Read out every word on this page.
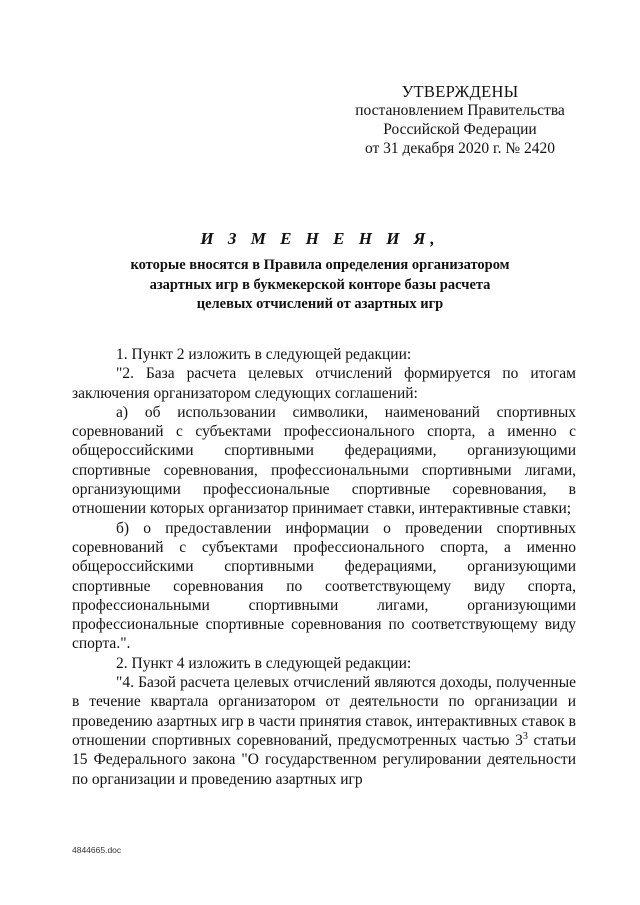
УТВЕРЖДЕНЫ
постановлением Правительства
Российской Федерации
от 31 декабря 2020 г. № 2420
И З М Е Н Е Н И Я,
которые вносятся в Правила определения организатором
азартных игр в букмекерской конторе базы расчета
целевых отчислений от азартных игр

1. Пункт 2 изложить в следующей редакции:

"2. База расчета целевых отчислений формируется по итогам заключения организатором следующих соглашений:

а) об использовании символики, наименований спортивных соревнований с субъектами профессионального спорта, а именно с общероссийскими спортивными федерациями, организующими спортивные соревнования, профессиональными спортивными лигами, организующими профессиональные спортивные соревнования, в отношении которых организатор принимает ставки, интерактивные ставки;

б) о предоставлении информации о проведении спортивных соревнований с субъектами профессионального спорта, а именно общероссийскими спортивными федерациями, организующими спортивные соревнования по соответствующему виду спорта, профессиональными спортивными лигами, организующими профессиональные спортивные соревнования по соответствующему виду спорта.".

2. Пункт 4 изложить в следующей редакции:

"4. Базой расчета целевых отчислений являются доходы, полученные в течение квартала организатором от деятельности по организации и проведению азартных игр в части принятия ставок, интерактивных ставок в отношении спортивных соревнований, предусмотренных частью $3^3$ статьи 15 Федерального закона "О государственном регулировании деятельности по организации и проведению азартных игр

4844665.doc
